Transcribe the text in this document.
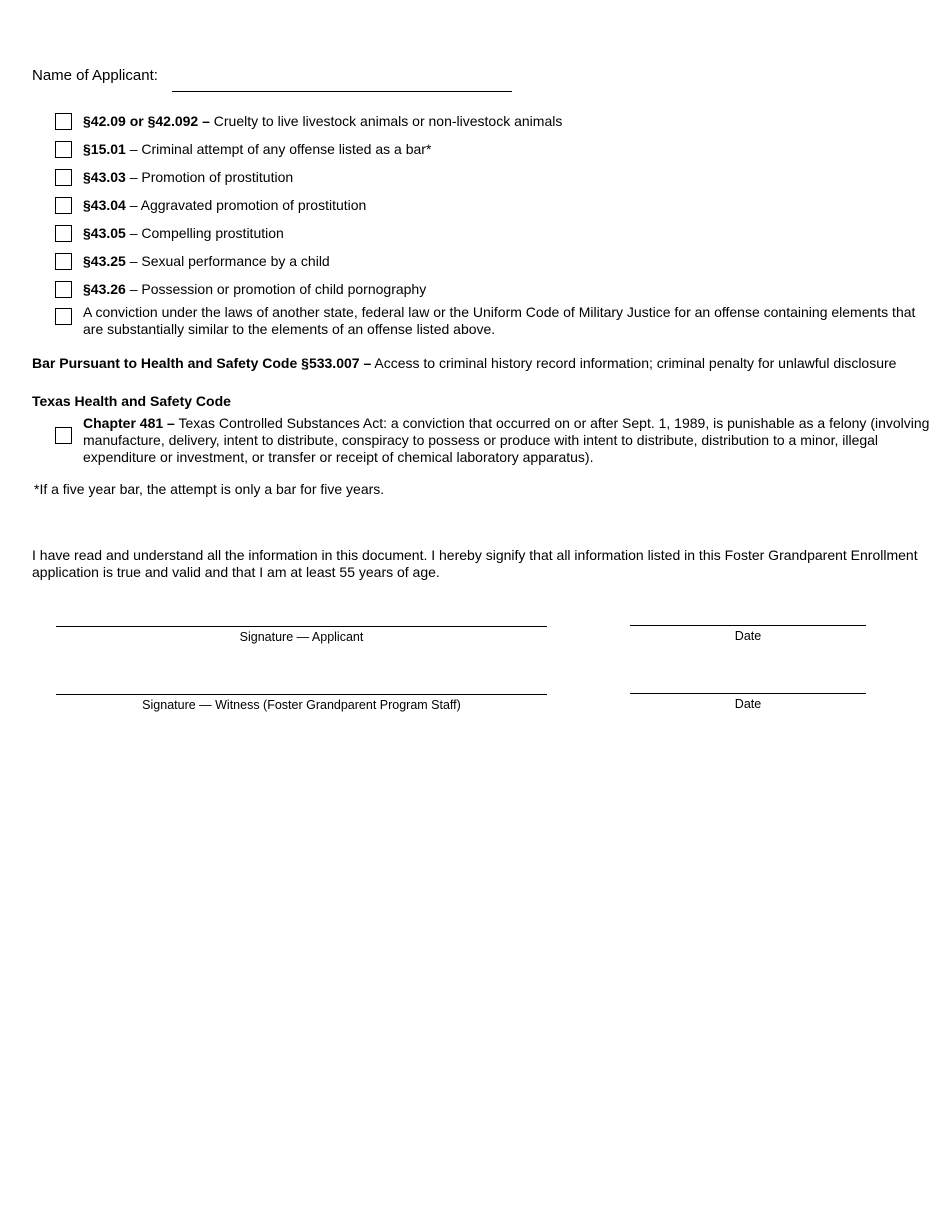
Name of Applicant:
§42.09 or §42.092 – Cruelty to live livestock animals or non-livestock animals
§15.01 – Criminal attempt of any offense listed as a bar*
§43.03 – Promotion of prostitution
§43.04 – Aggravated promotion of prostitution
§43.05 – Compelling prostitution
§43.25 – Sexual performance by a child
§43.26 – Possession or promotion of child pornography
A conviction under the laws of another state, federal law or the Uniform Code of Military Justice for an offense containing elements that are substantially similar to the elements of an offense listed above.
Bar Pursuant to Health and Safety Code §533.007 – Access to criminal history record information; criminal penalty for unlawful disclosure
Texas Health and Safety Code
Chapter 481 – Texas Controlled Substances Act: a conviction that occurred on or after Sept. 1, 1989, is punishable as a felony (involving manufacture, delivery, intent to distribute, conspiracy to possess or produce with intent to distribute, distribution to a minor, illegal expenditure or investment, or transfer or receipt of chemical laboratory apparatus).
*If a five year bar, the attempt is only a bar for five years.
I have read and understand all the information in this document. I hereby signify that all information listed in this Foster Grandparent Enrollment application is true and valid and that I am at least 55 years of age.
Signature — Applicant	Date
Signature — Witness (Foster Grandparent Program Staff)	Date
